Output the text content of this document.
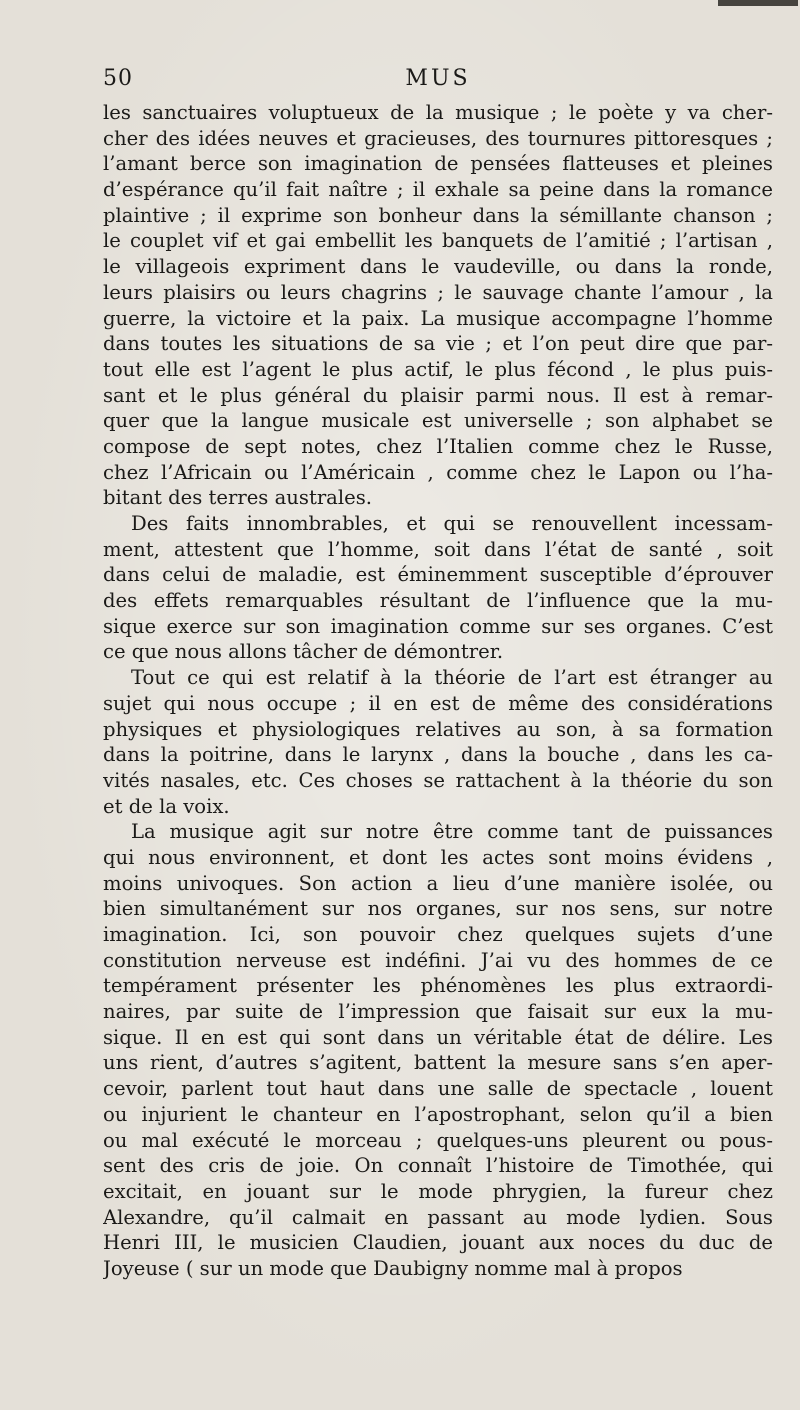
50	MUS
les sanctuaires voluptueux de la musique ; le poète y va cher-
cher des idées neuves et gracieuses, des tournures pittoresques ;
l’amant berce son imagination de pensées flatteuses et pleines
d’espérance qu’il fait naître ; il exhale sa peine dans la romance
plaintive ; il exprime son bonheur dans la sémillante chanson ;
le couplet vif et gai embellit les banquets de l’amitié ; l’artisan ,
le villageois expriment dans le vaudeville, ou dans la ronde,
leurs plaisirs ou leurs chagrins ; le sauvage chante l’amour , la
guerre, la victoire et la paix. La musique accompagne l’homme
dans toutes les situations de sa vie ; et l’on peut dire que par-
tout elle est l’agent le plus actif, le plus fécond , le plus puis-
sant et le plus général du plaisir parmi nous. Il est à remar-
quer que la langue musicale est universelle ; son alphabet se
compose de sept notes, chez l’Italien comme chez le Russe,
chez l’Africain ou l’Américain , comme chez le Lapon ou l’ha-
bitant des terres australes.
Des faits innombrables, et qui se renouvellent incessam-
ment, attestent que l’homme, soit dans l’état de santé , soit
dans celui de maladie, est éminemment susceptible d’éprouver
des effets remarquables résultant de l’influence que la mu-
sique exerce sur son imagination comme sur ses organes. C’est
ce que nous allons tâcher de démontrer.
Tout ce qui est relatif à la théorie de l’art est étranger au
sujet qui nous occupe ; il en est de même des considérations
physiques et physiologiques relatives au son, à sa formation
dans la poitrine, dans le larynx , dans la bouche , dans les ca-
vités nasales, etc. Ces choses se rattachent à la théorie du son
et de la voix.
La musique agit sur notre être comme tant de puissances
qui nous environnent, et dont les actes sont moins évidens ,
moins univoques. Son action a lieu d’une manière isolée, ou
bien simultanément sur nos organes, sur nos sens, sur notre
imagination. Ici, son pouvoir chez quelques sujets d’une
constitution nerveuse est indéfini. J’ai vu des hommes de ce
tempérament présenter les phénomènes les plus extraordi-
naires, par suite de l’impression que faisait sur eux la mu-
sique. Il en est qui sont dans un véritable état de délire. Les
uns rient, d’autres s’agitent, battent la mesure sans s’en aper-
cevoir, parlent tout haut dans une salle de spectacle , louent
ou injurient le chanteur en l’apostrophant, selon qu’il a bien
ou mal exécuté le morceau ; quelques-uns pleurent ou pous-
sent des cris de joie. On connaît l’histoire de Timothée, qui
excitait, en jouant sur le mode phrygien, la fureur chez
Alexandre, qu’il calmait en passant au mode lydien. Sous
Henri III, le musicien Claudien, jouant aux noces du duc de
Joyeuse ( sur un mode que Daubigny nomme mal à propos
